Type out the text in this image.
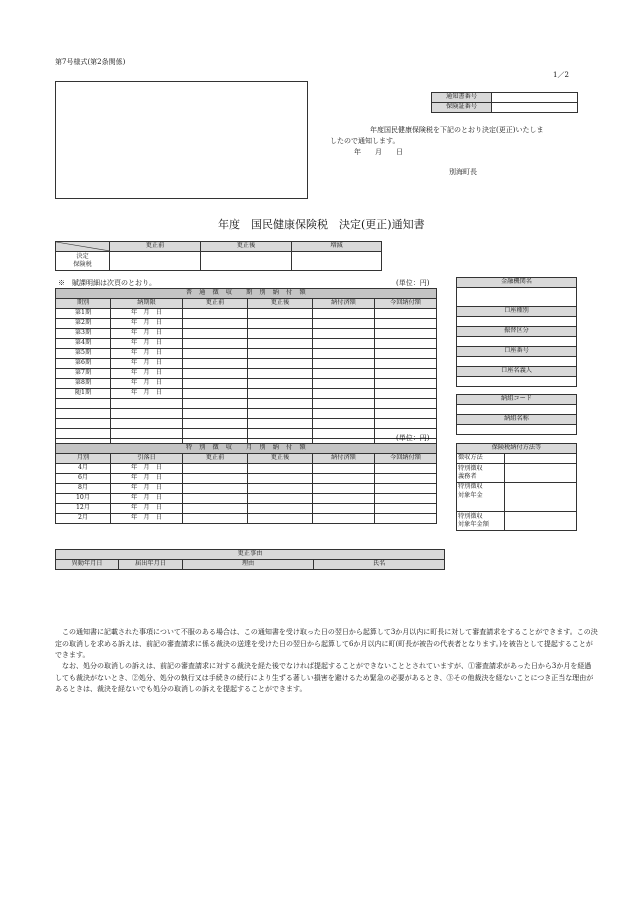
第7号様式(第2条関係)
1／2
通知書番号	
保険証番号	
年度国民健康保険税を下記のとおり決定(更正)いたしま
したので通知します。
年　　月　　日
別海町長
年度　国民健康保険税　決定(更正)通知書
	更正前	更正後	増減
決定
保険税			
※　賦課明細は次頁のとおり。	(単位：円)
普　通　徴　収　　期　別　納　付　額					
期別	納期限	更正前	更正後	納付済額	今回納付額
第1期	年　月　日				
第2期	年　月　日				
第3期	年　月　日				
第4期	年　月　日				
第5期	年　月　日				
第6期	年　月　日				
第7期	年　月　日				
第8期	年　月　日				
随1期	年　月　日				

(単位：円)
特　別　徴　収　　月　別　納　付　額					
月別	引落日	更正前	更正後	納付済額	今回納付額
4月	年　月　日				
6月	年　月　日				
8月	年　月　日				
10月	年　月　日				
12月	年　月　日				
2月	年　月　日				
金融機関名

口座種別

振替区分

口座番号

口座名義人

納組コード

納組名称

保険税納付方法等	
徴収方法	
特別徴収
義務者	
特別徴収
対象年金	
特別徴収
対象年金額	
更正事由
異動年月日	届出年月日	理由	氏名
　この通知書に記載された事項について不服のある場合は、この通知書を受け取った日の翌日から起算して3か月以内に町長に対して審査請求をすることができます。この決定の取消しを求める訴えは、前記の審査請求に係る裁決の送達を受けた日の翌日から起算して6か月以内に町(町長が被告の代表者となります。)を被告として提起することができます。
　なお、処分の取消しの訴えは、前記の審査請求に対する裁決を経た後でなければ提起することができないこととされていますが、①審査請求があった日から3か月を経過しても裁決がないとき、②処分、処分の執行又は手続きの続行により生ずる著しい損害を避けるため緊急の必要があるとき、③その他裁決を経ないことにつき正当な理由があるときは、裁決を経ないでも処分の取消しの訴えを提起することができます。
